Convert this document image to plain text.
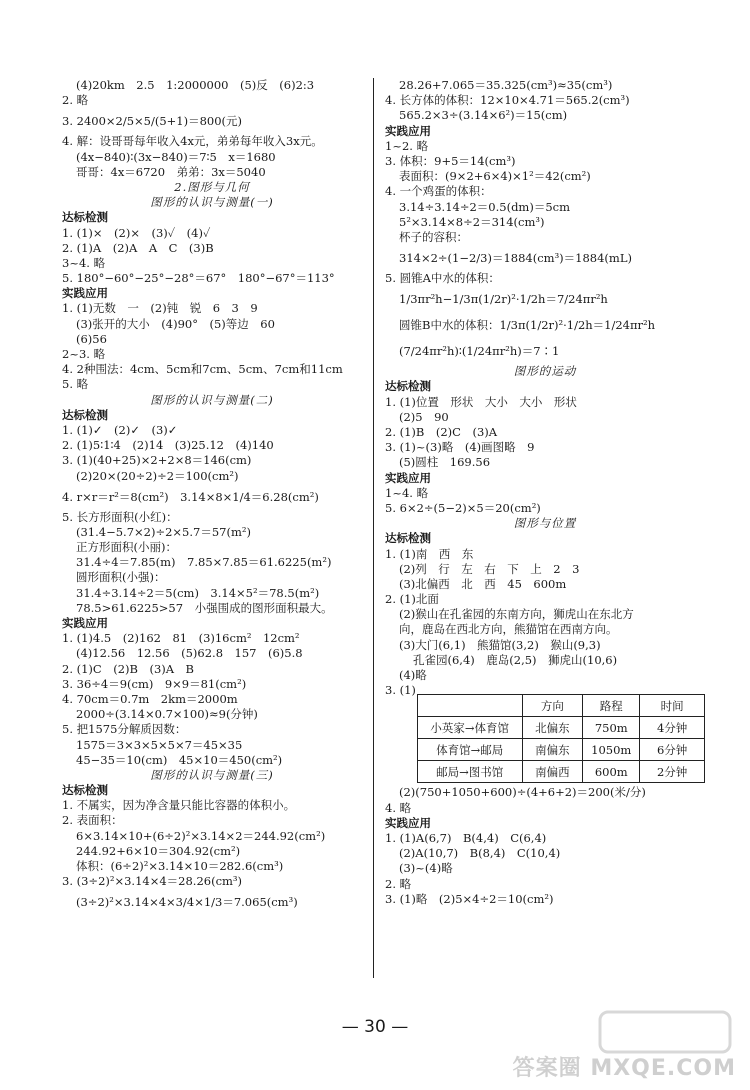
(4)20km　2.5　1:2000000　(5)反　(6)2:3
2. 略
3. 2400×2/5×5/(5+1)＝800(元)
4. 解：设哥哥每年收入4x元，弟弟每年收入3x元。
(4x−840)∶(3x−840)＝7∶5　x＝1680
哥哥：4x＝6720　弟弟：3x＝5040
2.图形与几何
图形的认识与测量(一)
达标检测
1. (1)×　(2)×　(3)✓　(4)✓
2. (1)A　(2)A　A　C　(3)B
3~4. 略
5. 180°−60°−25°−28°＝67°　180°−67°＝113°
实践应用
1. (1)无数　一　(2)钝　锐　6　3　9
(3)张开的大小　(4)90°　(5)等边　60
(6)56
2~3. 略
4. 2种围法：4cm、5cm和7cm、5cm、7cm和11cm
5. 略
图形的认识与测量(二)
达标检测
1. (1)✓　(2)✓　(3)✓
2. (1)5∶1∶4　(2)14　(3)25.12　(4)140
3. (1)(40+25)×2+2×8＝146(cm)
(2)20×(20÷2)÷2＝100(cm²)
4. r×r＝r²＝8(cm²)　3.14×8×1/4＝6.28(cm²)
5. 长方形面积(小红)：
(31.4−5.7×2)÷2×5.7＝57(m²)
正方形面积(小丽)：
31.4÷4＝7.85(m)　7.85×7.85＝61.6225(m²)
圆形面积(小强)：
31.4÷3.14÷2＝5(cm)　3.14×5²＝78.5(m²)
78.5>61.6225>57　小强围成的图形面积最大。
实践应用
1. (1)4.5　(2)162　81　(3)16cm²　12cm²
(4)12.56　12.56　(5)62.8　157　(6)5.8
2. (1)C　(2)B　(3)A　B
3. 36÷4＝9(cm)　9×9＝81(cm²)
4. 70cm＝0.7m　2km＝2000m
2000÷(3.14×0.7×100)≈9(分钟)
5. 把1575分解质因数：
1575＝3×3×5×5×7＝45×35
45−35＝10(cm)　45×10＝450(cm²)
图形的认识与测量(三)
达标检测
1. 不属实，因为净含量只能比容器的体积小。
2. 表面积：
6×3.14×10+(6÷2)²×3.14×2＝244.92(cm²)
244.92+6×10＝304.92(cm²)
体积：(6÷2)²×3.14×10＝282.6(cm³)
3. (3÷2)²×3.14×4＝28.26(cm³)
(3÷2)²×3.14×4×3/4×1/3＝7.065(cm³)
28.26+7.065＝35.325(cm³)≈35(cm³)
4. 长方体的体积：12×10×4.71＝565.2(cm³)
565.2×3÷(3.14×6²)＝15(cm)
实践应用
1~2. 略
3. 体积：9+5＝14(cm³)
表面积：(9×2+6×4)×1²＝42(cm²)
4. 一个鸡蛋的体积：
3.14÷3.14÷2＝0.5(dm)＝5cm
5²×3.14×8÷2＝314(cm³)
杯子的容积：
314×2÷(1−2/3)＝1884(cm³)＝1884(mL)
5. 圆锥A中水的体积：
1/3πr²h−1/3π(1/2r)²·1/2h＝7/24πr²h
圆锥B中水的体积：1/3π(1/2r)²·1/2h＝1/24πr²h
(7/24πr²h)∶(1/24πr²h)＝7∶1
图形的运动
达标检测
1. (1)位置　形状　大小　大小　形状
(2)5　90
2. (1)B　(2)C　(3)A
3. (1)~(3)略　(4)画图略　9
(5)圆柱　169.56
实践应用
1~4. 略
5. 6×2÷(5−2)×5＝20(cm²)
图形与位置
达标检测
1. (1)南　西　东
(2)列　行　左　右　下　上　2　3
(3)北偏西　北　西　45　600m
2. (1)北面
(2)猴山在孔雀园的东南方向，狮虎山在东北方
向，鹿岛在西北方向，熊猫馆在西南方向。
(3)大门(6,1)　熊猫馆(3,2)　猴山(9,3)
孔雀园(6,4)　鹿岛(2,5)　狮虎山(10,6)
(4)略
3. (1)
	方向	路程	时间
小英家→体育馆	北偏东	750m	4分钟
体育馆→邮局	南偏东	1050m	6分钟
邮局→图书馆	南偏西	600m	2分钟
(2)(750+1050+600)÷(4+6+2)＝200(米/分)
4. 略
实践应用
1. (1)A(6,7)　B(4,4)　C(6,4)
(2)A(10,7)　B(8,4)　C(10,4)
(3)~(4)略
2. 略
3. (1)略　(2)5×4÷2＝10(cm²)
— 30 —
答案圈 MXQE.COM
